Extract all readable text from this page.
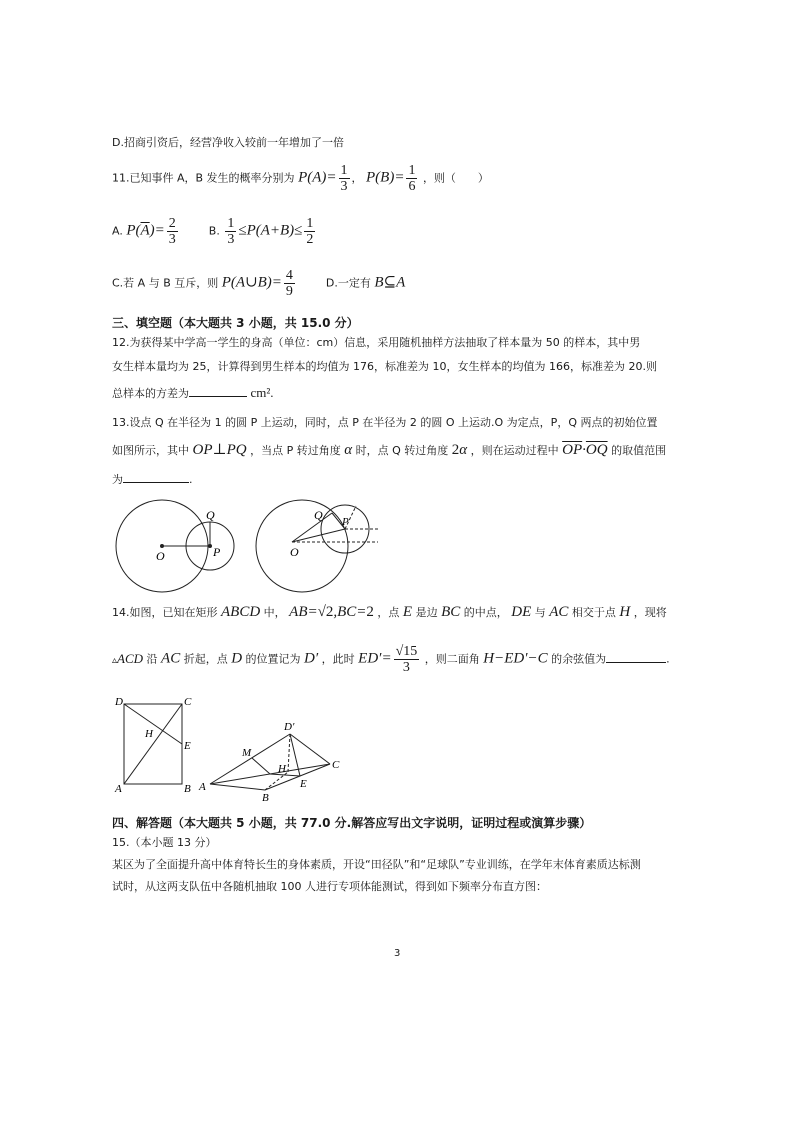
D.招商引资后，经营净收入较前一年增加了一倍
11.已知事件 A，B 发生的概率分别为 $P(A)= \frac{1}{3}$ ， $P(B)= \frac{1}{6}$ ，则（　　）
A. $P(\overline{A})= \frac{2}{3}$	B. $\frac{1}{3} \le P(A+B)\le \frac{1}{2}$
C.若 A 与 B 互斥，则 P(A∪B)= $\frac{4}{9}$	D.一定有 B⊆A
三、填空题（本大题共 3 小题，共 15.0 分）
12.为获得某中学高一学生的身高（单位：cm）信息，采用随机抽样方法抽取了样本量为 50 的样本，其中男
女生样本量均为 25，计算得到男生样本的均值为 176，标准差为 10，女生样本的均值为 166，标准差为 20.则
总样本的方差为	cm².
13.设点 Q 在半径为 1 的圆 P 上运动，同时，点 P 在半径为 2 的圆 O 上运动.O 为定点，P，Q 两点的初始位置
如图所示，其中 OP⊥PQ ，当点 P 转过角度 α 时，点 Q 转过角度 2α ，则在运动过程中 $\overline{OP}\cdot\overline{OQ}$ 的取值范围
为	.
O	P
Q
O
P
Q
14.如图，已知在矩形 ABCD 中， AB=√2,BC=2 ，点 E 是边 BC 的中点， DE 与 AC 相交于点 H ，现将
▵ACD 沿 AC 折起，点 D 的位置记为 D′ ，此时 $ED'= \frac{√15}{3}$ ，则二面角 H−ED′−C 的余弦值为	.
D	C
H
E
A	B
D′
M
H
E
C
A
B
四、解答题（本大题共 5 小题，共 77.0 分.解答应写出文字说明，证明过程或演算步骤）
15.（本小题 13 分）
某区为了全面提升高中体育特长生的身体素质，开设“田径队”和“足球队”专业训练，在学年末体育素质达标测
试时，从这两支队伍中各随机抽取 100 人进行专项体能测试，得到如下频率分布直方图：
3
